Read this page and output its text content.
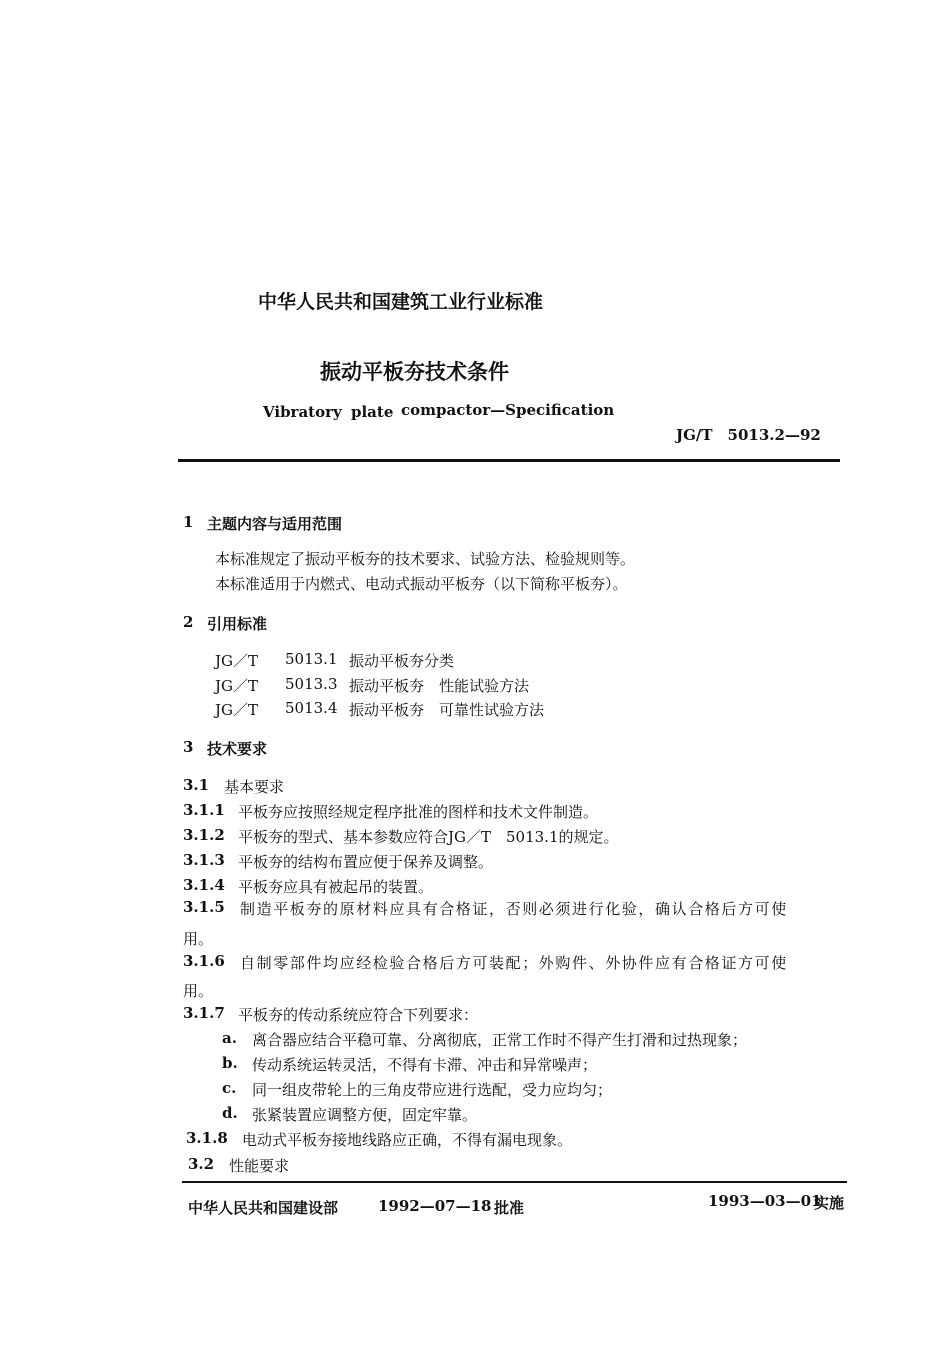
中华人民共和国建筑工业行业标准
振动平板夯技术条件
Vibratory plate compactor—Specification
JG/T　5013.2—92
1 主题内容与适用范围
本标准规定了振动平板夯的技术要求、试验方法、检验规则等。
本标准适用于内燃式、电动式振动平板夯（以下简称平板夯）。
2 引用标准
JG／T 5013.1 振动平板夯分类
JG／T 5013.3 振动平板夯　性能试验方法
JG／T 5013.4 振动平板夯　可靠性试验方法
3 技术要求
3.1 基本要求
3.1.1 平板夯应按照经规定程序批准的图样和技术文件制造。
3.1.2 平板夯的型式、基本参数应符合JG／T　5013.1的规定。
3.1.3 平板夯的结构布置应便于保养及调整。
3.1.4 平板夯应具有被起吊的装置。
3.1.5 制造平板夯的原材料应具有合格证，否则必须进行化验，确认合格后方可使
用。
3.1.6 自制零部件均应经检验合格后方可装配；外购件、外协件应有合格证方可使
用。
3.1.7 平板夯的传动系统应符合下列要求：
a. 离合器应结合平稳可靠、分离彻底，正常工作时不得产生打滑和过热现象；
b. 传动系统运转灵活，不得有卡滞、冲击和异常噪声；
c. 同一组皮带轮上的三角皮带应进行选配，受力应均匀；
d. 张紧装置应调整方便，固定牢靠。
3.1.8 电动式平板夯接地线路应正确，不得有漏电现象。
3.2 性能要求
中华人民共和国建设部	1992—07—18 批准	1993—03—01
实施
